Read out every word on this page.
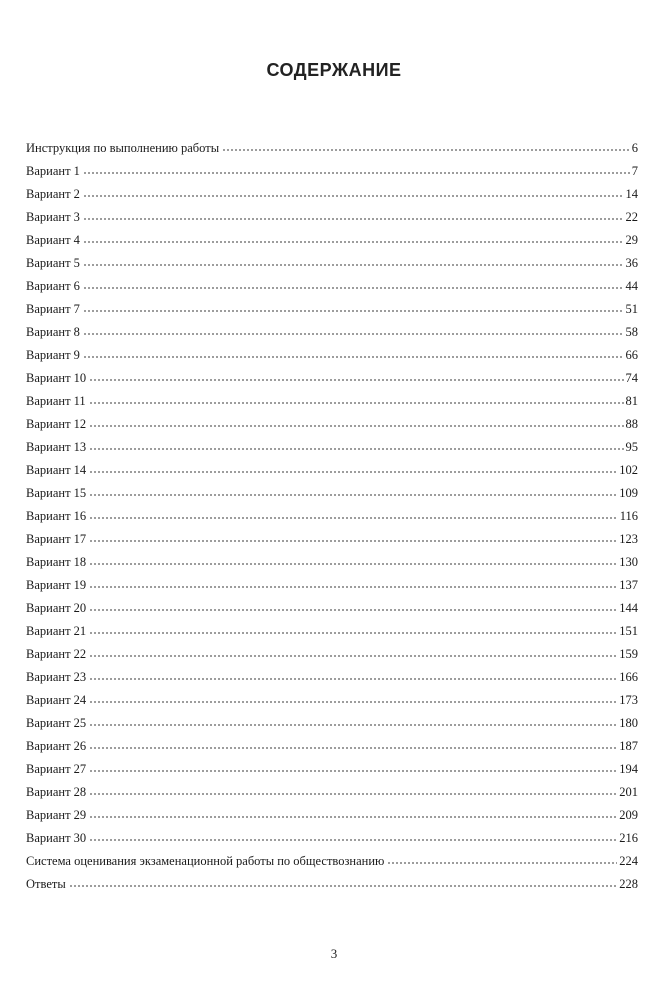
СОДЕРЖАНИЕ
Инструкция по выполнению работы	6
Вариант 1	7
Вариант 2	14
Вариант 3	22
Вариант 4	29
Вариант 5	36
Вариант 6	44
Вариант 7	51
Вариант 8	58
Вариант 9	66
Вариант 10	74
Вариант 11	81
Вариант 12	88
Вариант 13	95
Вариант 14	102
Вариант 15	109
Вариант 16	116
Вариант 17	123
Вариант 18	130
Вариант 19	137
Вариант 20	144
Вариант 21	151
Вариант 22	159
Вариант 23	166
Вариант 24	173
Вариант 25	180
Вариант 26	187
Вариант 27	194
Вариант 28	201
Вариант 29	209
Вариант 30	216
Система оценивания экзаменационной работы по обществознанию	224
Ответы	228
3
